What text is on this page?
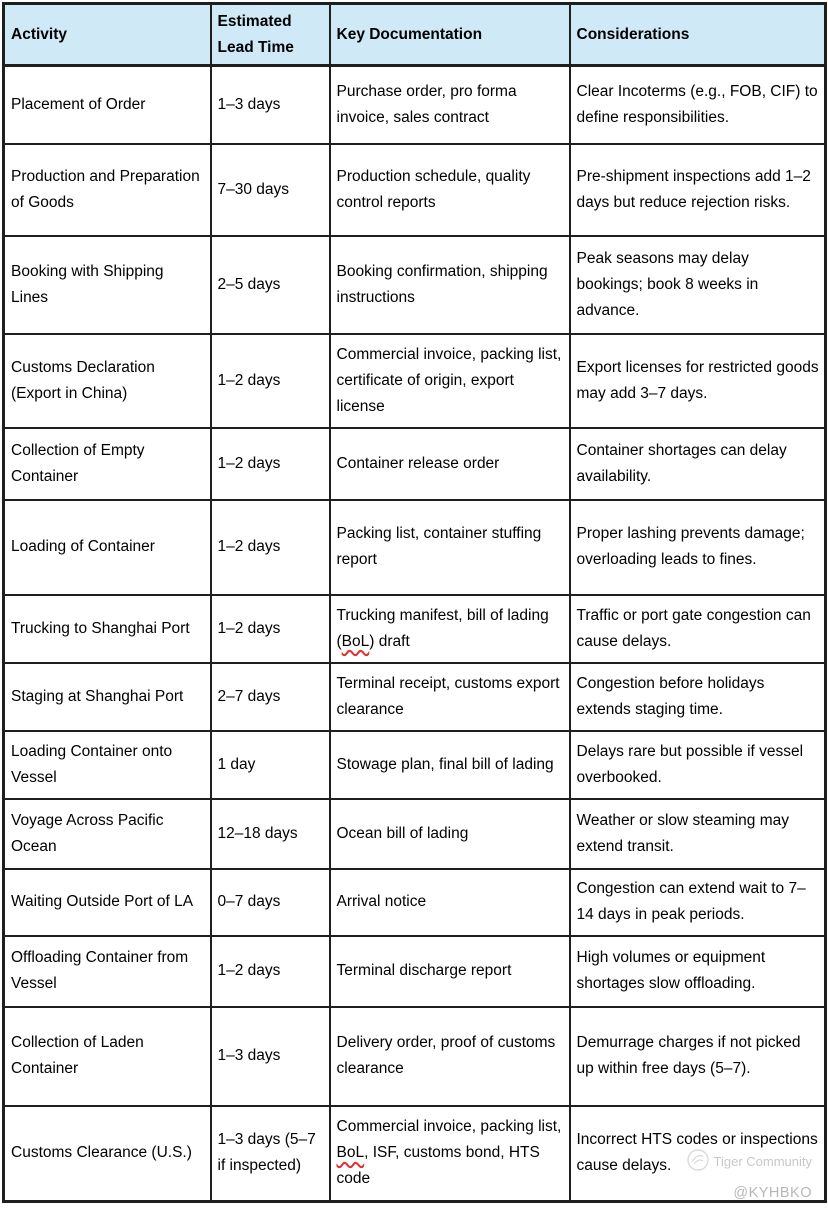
Activity	Estimated Lead Time	Key Documentation	Considerations
Placement of Order	1–3 days	Purchase order, pro forma invoice, sales contract	Clear Incoterms (e.g., FOB, CIF) to define responsibilities.
Production and Preparation of Goods	7–30 days	Production schedule, quality control reports	Pre-shipment inspections add 1–2 days but reduce rejection risks.
Booking with Shipping Lines	2–5 days	Booking confirmation, shipping instructions	Peak seasons may delay bookings; book 8 weeks in advance.
Customs Declaration (Export in China)	1–2 days	Commercial invoice, packing list, certificate of origin, export license	Export licenses for restricted goods may add 3–7 days.
Collection of Empty Container	1–2 days	Container release order	Container shortages can delay availability.
Loading of Container	1–2 days	Packing list, container stuffing report	Proper lashing prevents damage; overloading leads to fines.
Trucking to Shanghai Port	1–2 days	Trucking manifest, bill of lading (BoL) draft	Traffic or port gate congestion can cause delays.
Staging at Shanghai Port	2–7 days	Terminal receipt, customs export clearance	Congestion before holidays extends staging time.
Loading Container onto Vessel	1 day	Stowage plan, final bill of lading	Delays rare but possible if vessel overbooked.
Voyage Across Pacific Ocean	12–18 days	Ocean bill of lading	Weather or slow steaming may extend transit.
Waiting Outside Port of LA	0–7 days	Arrival notice	Congestion can extend wait to 7–14 days in peak periods.
Offloading Container from Vessel	1–2 days	Terminal discharge report	High volumes or equipment shortages slow offloading.
Collection of Laden Container	1–3 days	Delivery order, proof of customs clearance	Demurrage charges if not picked up within free days (5–7).
Customs Clearance (U.S.)	1–3 days (5–7 if inspected)	Commercial invoice, packing list, BoL, ISF, customs bond, HTS code	Incorrect HTS codes or inspections cause delays.	Tiger Community
@KYHBKO
